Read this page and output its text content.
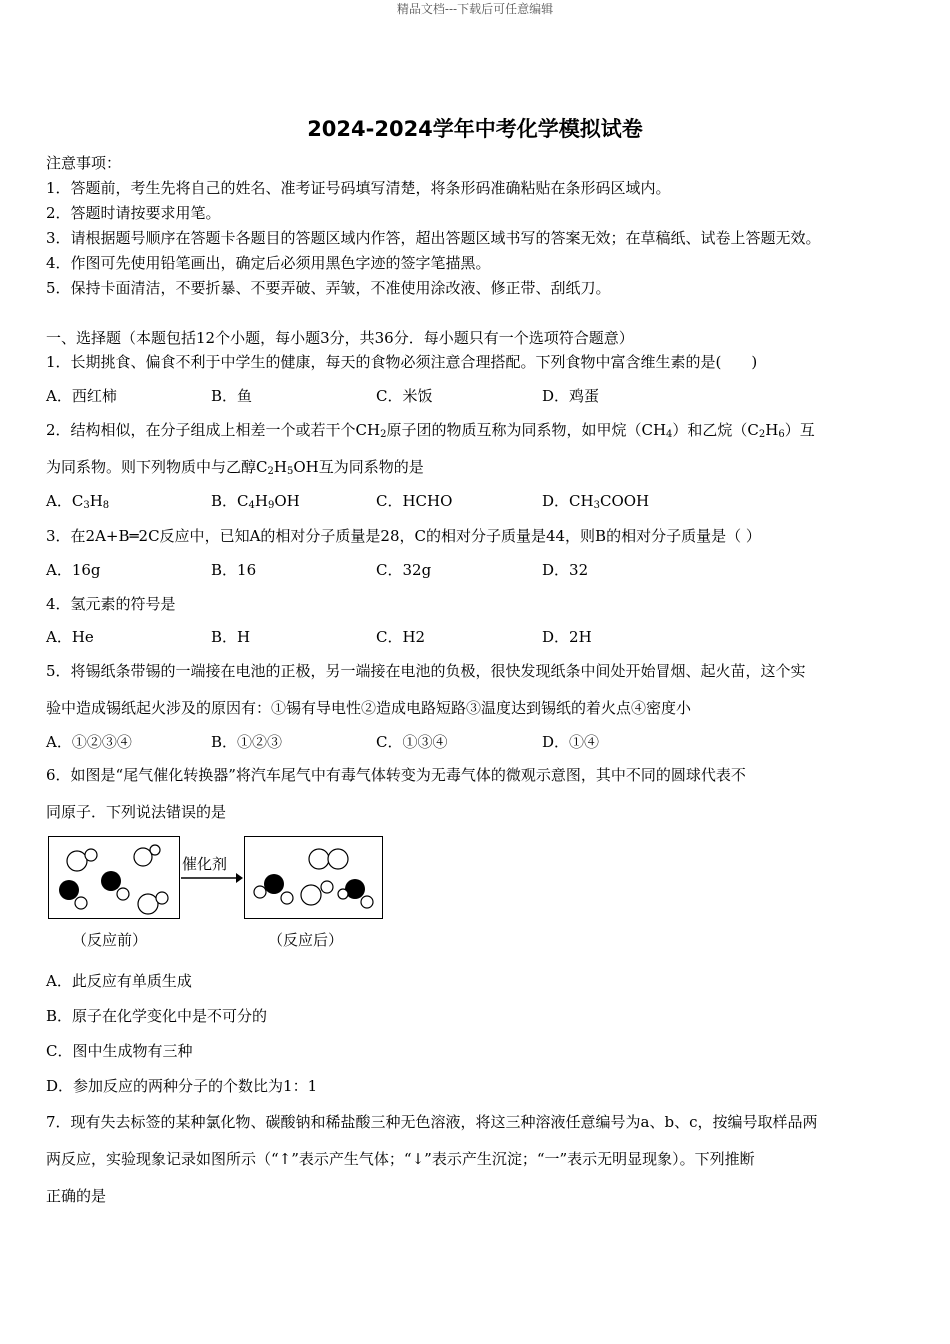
精品文档---下载后可任意编辑
2024-2024学年中考化学模拟试卷
注意事项：
1．答题前，考生先将自己的姓名、准考证号码填写清楚，将条形码准确粘贴在条形码区域内。
2．答题时请按要求用笔。
3．请根据题号顺序在答题卡各题目的答题区域内作答，超出答题区域书写的答案无效；在草稿纸、试卷上答题无效。
4．作图可先使用铅笔画出，确定后必须用黑色字迹的签字笔描黑。
5．保持卡面清洁，不要折暴、不要弄破、弄皱，不准使用涂改液、修正带、刮纸刀。
一、选择题（本题包括12个小题，每小题3分，共36分．每小题只有一个选项符合题意）
1．长期挑食、偏食不利于中学生的健康，每天的食物必须注意合理搭配。下列食物中富含维生素的是(　　)
A．西红柿	B．鱼	C．米饭	D．鸡蛋
2．结构相似，在分子组成上相差一个或若干个$CH_2$原子团的物质互称为同系物，如甲烷$(CH_4)$和乙烷$(C_2H_6)$互
为同系物。则下列物质中与乙醇$C_2H_5OH$互为同系物的是
A．$C_3H_8$	B．$C_4H_9OH$	C．HCHO	D．$CH_3COOH$
3．在2A+B═2C反应中，已知A的相对分子质量是28，C的相对分子质量是44，则B的相对分子质量是（ ）
A．16g	B．16	C．32g	D．32
4．氢元素的符号是
A．He	B．H	C．H2	D．2H
5．将锡纸条带锡的一端接在电池的正极，另一端接在电池的负极，很快发现纸条中间处开始冒烟、起火苗，这个实
验中造成锡纸起火涉及的原因有：①锡有导电性②造成电路短路③温度达到锡纸的着火点④密度小
A．①②③④	B．①②③	C．①③④	D．①④
6．如图是“尾气催化转换器”将汽车尾气中有毒气体转变为无毒气体的微观示意图，其中不同的圆球代表不
同原子．下列说法错误的是
催化剂
（反应前）	（反应后）
A．此反应有单质生成
B．原子在化学变化中是不可分的
C．图中生成物有三种
D．参加反应的两种分子的个数比为1：1
7．现有失去标签的某种氯化物、碳酸钠和稀盐酸三种无色溶液，将这三种溶液任意编号为a、b、c，按编号取样品两
两反应，实验现象记录如图所示（“↑”表示产生气体；“↓”表示产生沉淀；“一”表示无明显现象）。下列推断
正确的是
